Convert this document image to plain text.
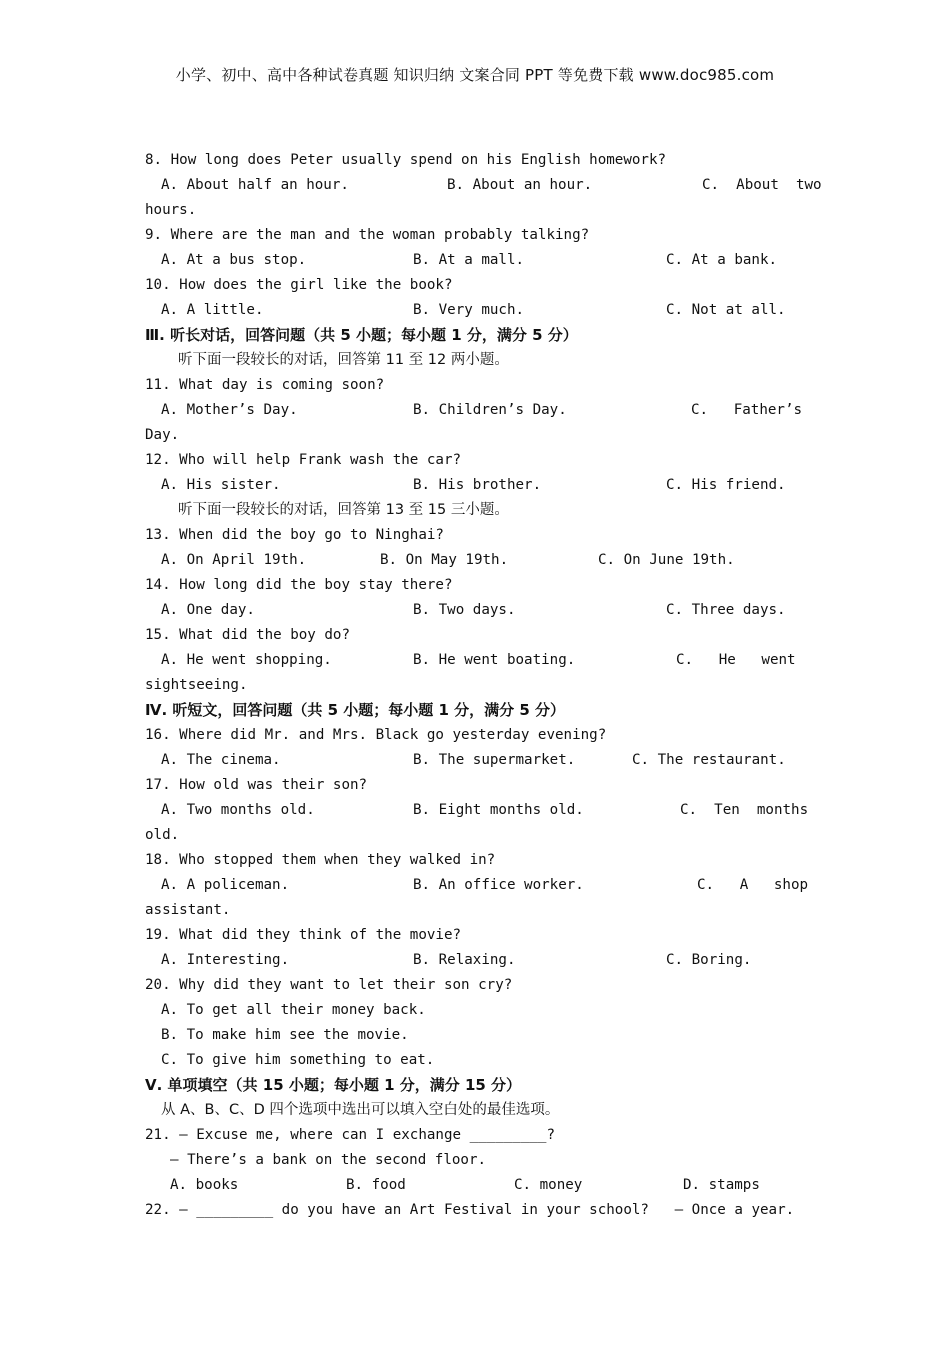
小学、初中、高中各种试卷真题 知识归纳 文案合同 PPT 等免费下载 www.doc985.com
8. How long does Peter usually spend on his English homework?
A. About half an hour.	B. About an hour.	C.  About  two
hours.
9. Where are the man and the woman probably talking?
A. At a bus stop.	B. At a mall.	C. At a bank.
10. How does the girl like the book?
A. A little.	B. Very much.	C. Not at all.
Ⅲ. 听长对话，回答问题（共 5 小题；每小题 1 分，满分 5 分）
听下面一段较长的对话，回答第 11 至 12 两小题。
11. What day is coming soon?
A. Mother’s Day.	B. Children’s Day.	C.   Father’s
Day.
12. Who will help Frank wash the car?
A. His sister.	B. His brother.	C. His friend.
听下面一段较长的对话，回答第 13 至 15 三小题。
13. When did the boy go to Ninghai?
A. On April 19th.	B. On May 19th.	C. On June 19th.
14. How long did the boy stay there?
A. One day.	B. Two days.	C. Three days.
15. What did the boy do?
A. He went shopping.	B. He went boating.	C.   He   went
sightseeing.
Ⅳ. 听短文，回答问题（共 5 小题；每小题 1 分，满分 5 分）
16. Where did Mr. and Mrs. Black go yesterday evening?
A. The cinema.	B. The supermarket.	C. The restaurant.
17. How old was their son?
A. Two months old.	B. Eight months old.	C.  Ten  months
old.
18. Who stopped them when they walked in?
A. A policeman.	B. An office worker.	C.   A   shop
assistant.
19. What did they think of the movie?
A. Interesting.	B. Relaxing.	C. Boring.
20. Why did they want to let their son cry?
A. To get all their money back.
B. To make him see the movie.
C. To give him something to eat.
Ⅴ. 单项填空（共 15 小题；每小题 1 分，满分 15 分）
从 A、B、C、D 四个选项中选出可以填入空白处的最佳选项。
21. — Excuse me, where can I exchange _________?
— There’s a bank on the second floor.
A. books	B. food	C. money	D. stamps
22. — _________ do you have an Art Festival in your school?   — Once a year.
